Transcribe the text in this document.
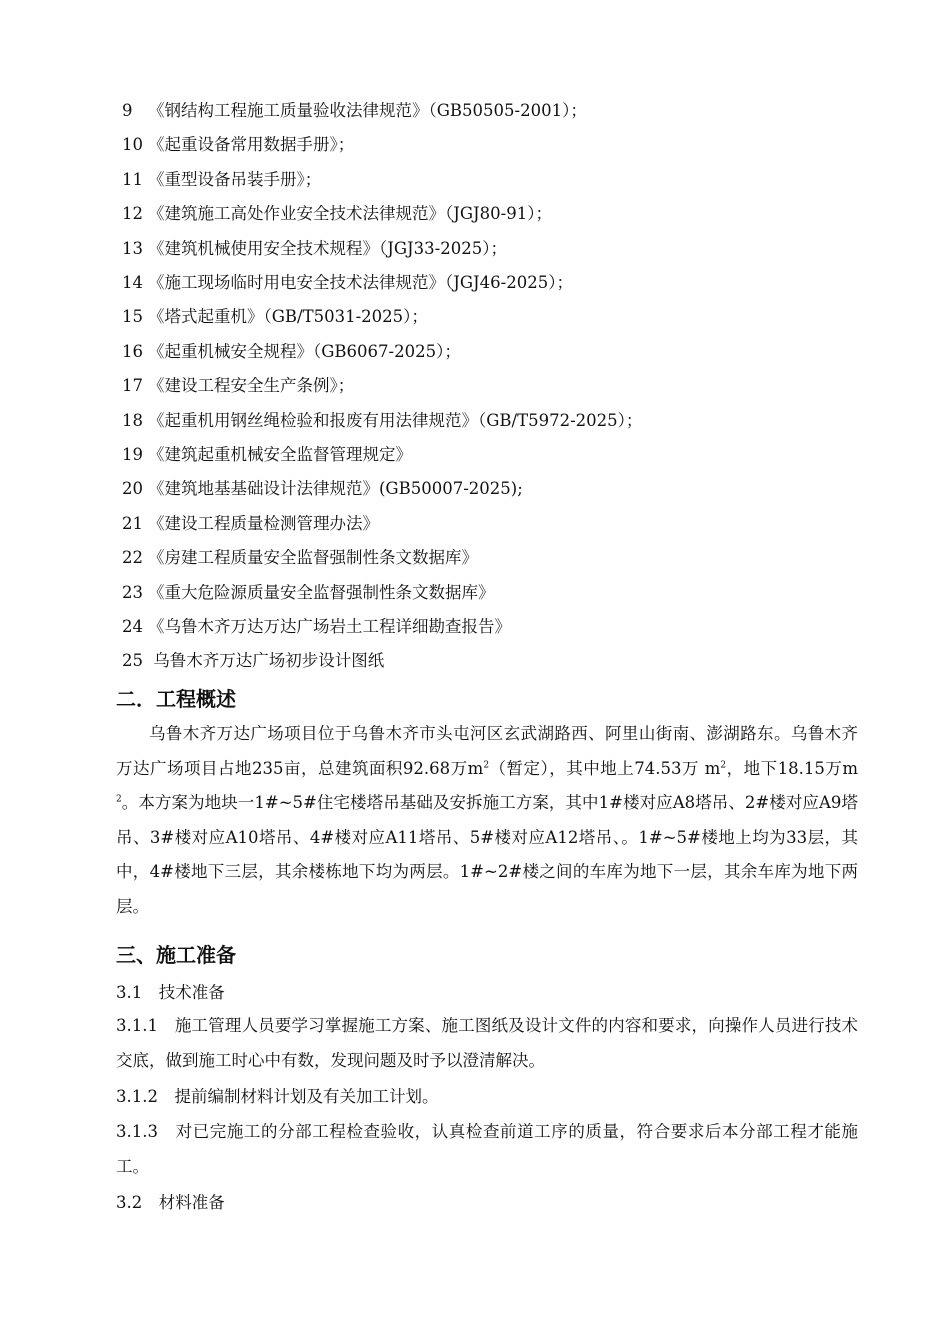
9 《钢结构工程施工质量验收法律规范》（GB50505-2001）；
10 《起重设备常用数据手册》；
11 《重型设备吊装手册》；
12 《建筑施工高处作业安全技术法律规范》（JGJ80-91）；
13 《建筑机械使用安全技术规程》（JGJ33-2025）；
14 《施工现场临时用电安全技术法律规范》（JGJ46-2025）；
15 《塔式起重机》（GB/T5031-2025）；
16 《起重机械安全规程》（GB6067-2025）；
17 《建设工程安全生产条例》；
18 《起重机用钢丝绳检验和报废有用法律规范》（GB/T5972-2025）；
19 《建筑起重机械安全监督管理规定》
20 《建筑地基基础设计法律规范》(GB50007-2025);
21 《建设工程质量检测管理办法》
22 《房建工程质量安全监督强制性条文数据库》
23 《重大危险源质量安全监督强制性条文数据库》
24 《乌鲁木齐万达万达广场岩土工程详细勘查报告》
25 乌鲁木齐万达广场初步设计图纸
二．工程概述
乌鲁木齐万达广场项目位于乌鲁木齐市头屯河区玄武湖路西、阿里山街南、澎湖路东。乌鲁木齐万达广场项目占地235亩，总建筑面积92.68万$m^2$（暂定），其中地上74.53万 $m^2$，地下18.15万$m^2$。本方案为地块一1#~5#住宅楼塔吊基础及安拆施工方案，其中1#楼对应A8塔吊、2#楼对应A9塔吊、3#楼对应A10塔吊、4#楼对应A11塔吊、5#楼对应A12塔吊、。1#~5#楼地上均为33层，其中，4#楼地下三层，其余楼栋地下均为两层。1#~2#楼之间的车库为地下一层，其余车库为地下两层。
三、施工准备
3.1　技术准备
3.1.1　施工管理人员要学习掌握施工方案、施工图纸及设计文件的内容和要求，向操作人员进行技术交底，做到施工时心中有数，发现问题及时予以澄清解决。
3.1.2　提前编制材料计划及有关加工计划。
3.1.3　对已完施工的分部工程检查验收，认真检查前道工序的质量，符合要求后本分部工程才能施工。
3.2　材料准备
